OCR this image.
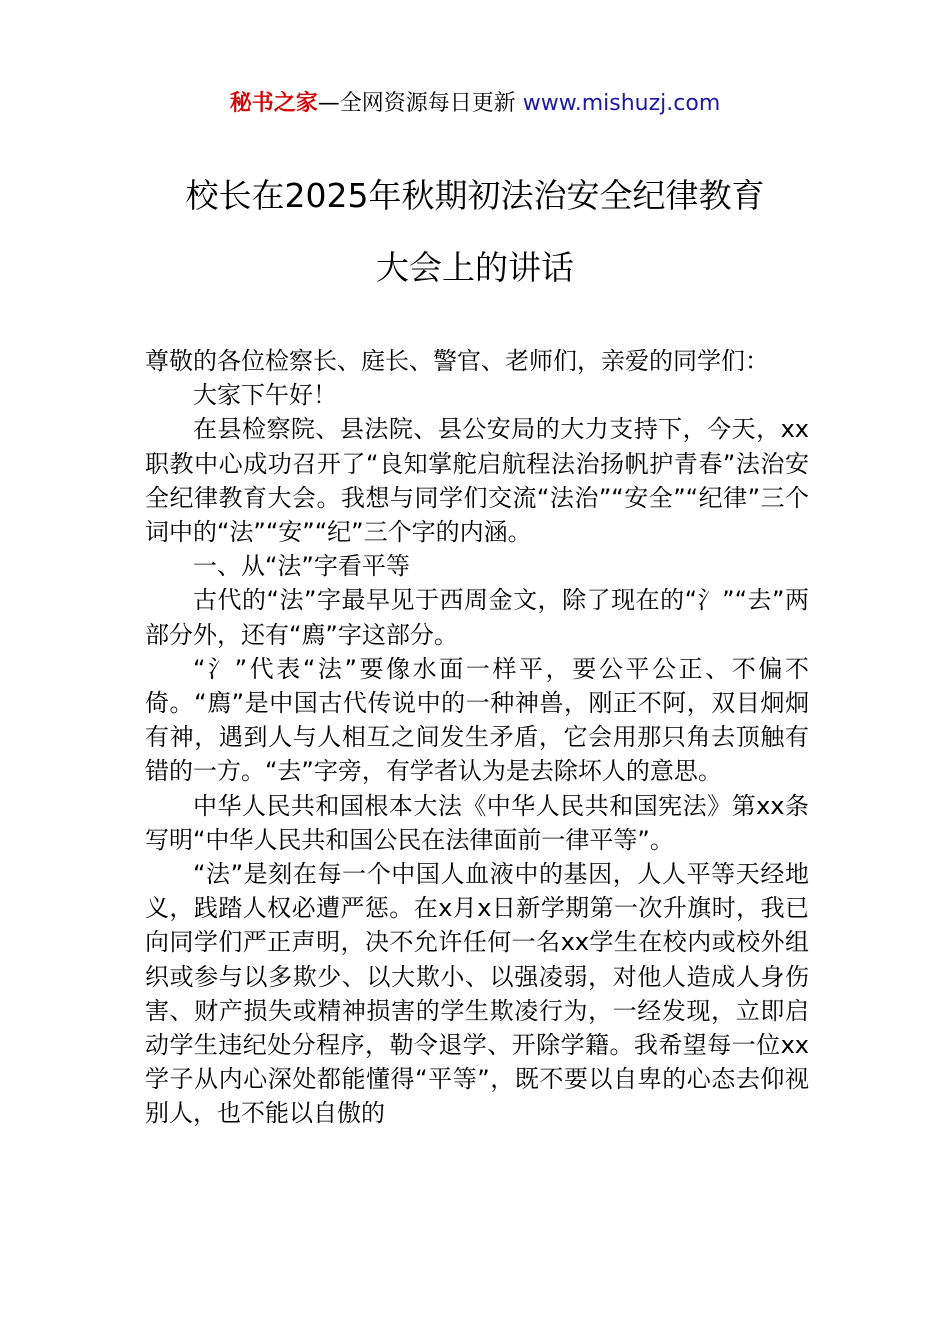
秘书之家—全网资源每日更新 www.mishuzj.com
校长在2025年秋期初法治安全纪律教育
大会上的讲话

尊敬的各位检察长、庭长、警官、老师们，亲爱的同学们：

大家下午好！

在县检察院、县法院、县公安局的大力支持下，今天，xx职教中心成功召开了“良知掌舵启航程法治扬帆护青春”法治安全纪律教育大会。我想与同学们交流“法治”“安全”“纪律”三个词中的“法”“安”“纪”三个字的内涵。

一、从“法”字看平等

古代的“法”字最早见于西周金文，除了现在的“氵”“去”两部分外，还有“廌”字这部分。

“氵”代表“法”要像水面一样平，要公平公正、不偏不倚。“廌”是中国古代传说中的一种神兽，刚正不阿，双目炯炯有神，遇到人与人相互之间发生矛盾，它会用那只角去顶触有错的一方。“去”字旁，有学者认为是去除坏人的意思。

中华人民共和国根本大法《中华人民共和国宪法》第xx条写明“中华人民共和国公民在法律面前一律平等”。

“法”是刻在每一个中国人血液中的基因，人人平等天经地义，践踏人权必遭严惩。在x月x日新学期第一次升旗时，我已向同学们严正声明，决不允许任何一名xx学生在校内或校外组织或参与以多欺少、以大欺小、以强凌弱，对他人造成人身伤害、财产损失或精神损害的学生欺凌行为，一经发现，立即启动学生违纪处分程序，勒令退学、开除学籍。我希望每一位xx学子从内心深处都能懂得“平等”，既不要以自卑的心态去仰视别人，也不能以自傲的
